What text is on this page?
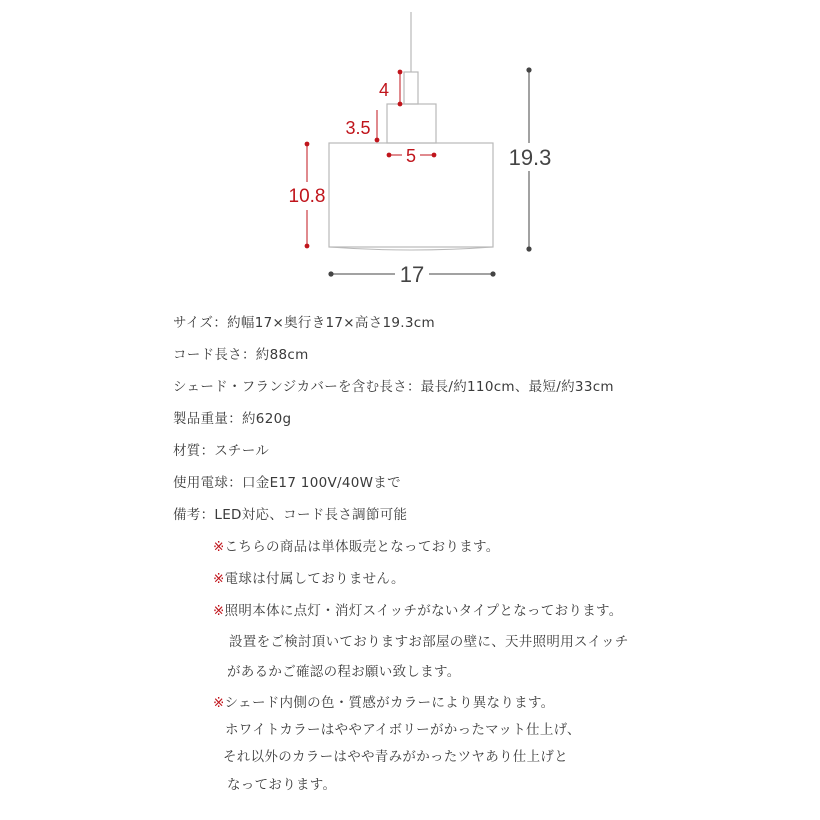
4
3.5
5
10.8
19.3
17
サイズ：約幅17×奥行き17×高さ19.3cm
コード長さ：約88cm
シェード・フランジカバーを含む長さ：最長/約110cm、最短/約33cm
製品重量：約620g
材質：スチール
使用電球：口金E17 100V/40Wまで
備考：LED対応、コード長さ調節可能
※こちらの商品は単体販売となっております。
※電球は付属しておりません。
※照明本体に点灯・消灯スイッチがないタイプとなっております。
設置をご検討頂いておりますお部屋の壁に、天井照明用スイッチ
があるかご確認の程お願い致します。
※シェード内側の色・質感がカラーにより異なります。
ホワイトカラーはややアイボリーがかったマット仕上げ、
それ以外のカラーはやや青みがかったツヤあり仕上げと
なっております。
